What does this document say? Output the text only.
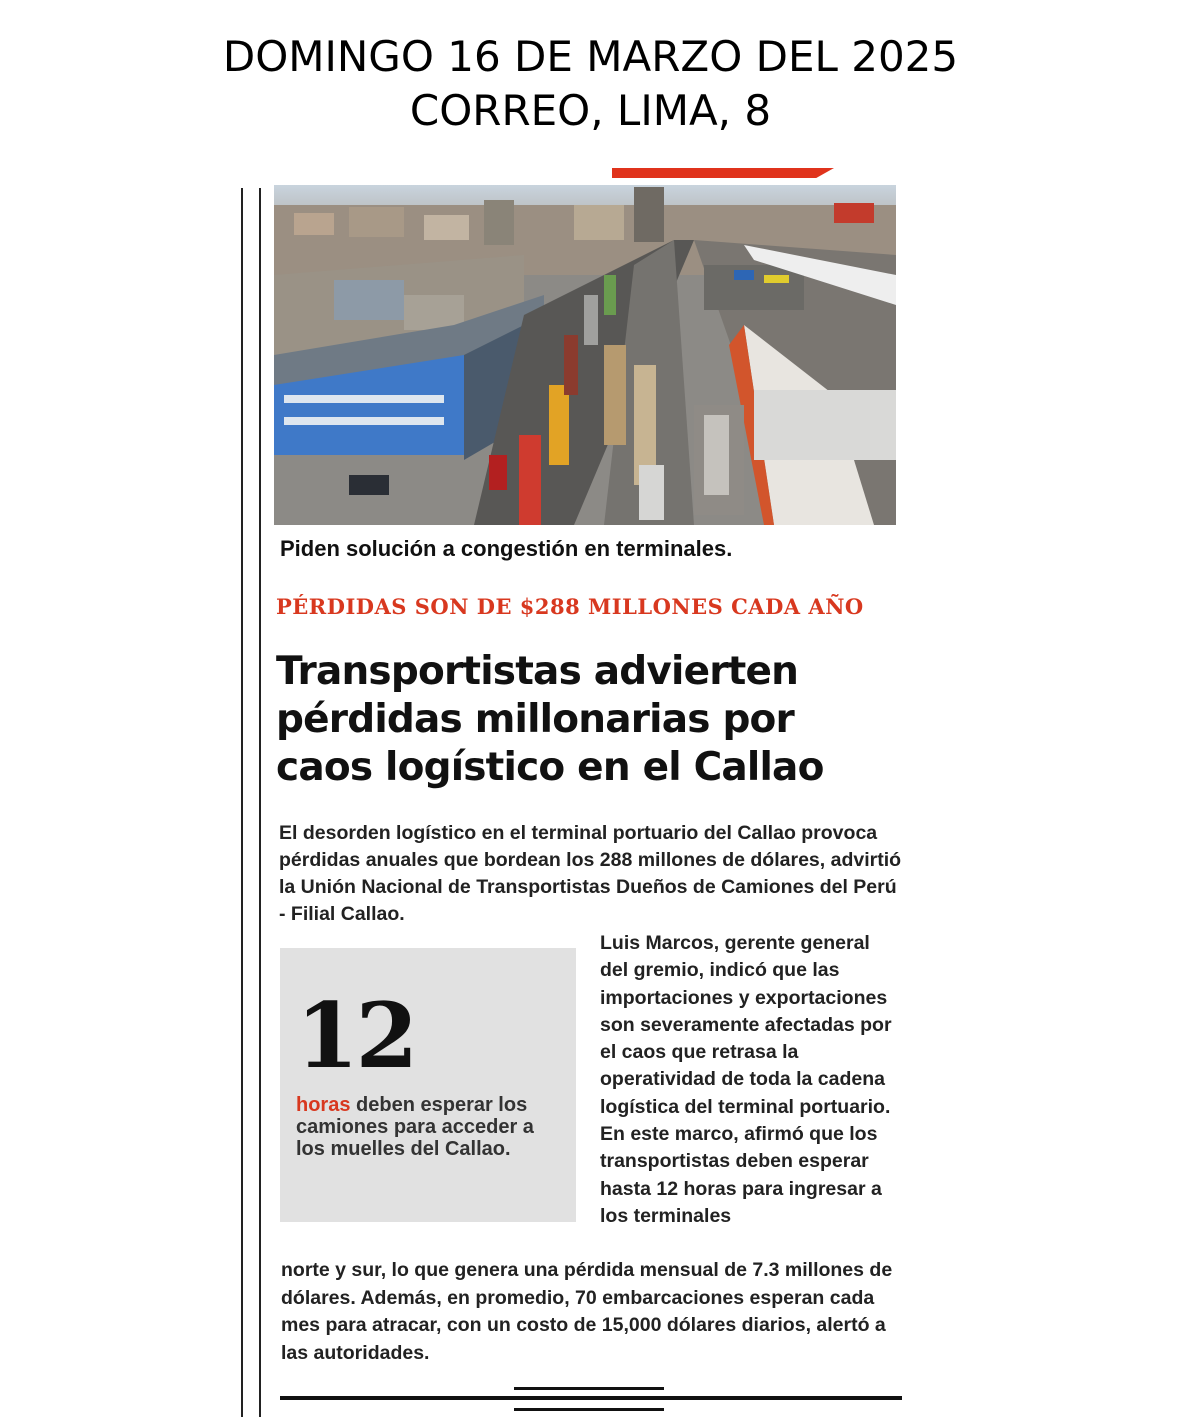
DOMINGO 16 DE MARZO DEL 2025
CORREO, LIMA, 8
Piden solución a congestión en terminales.
PÉRDIDAS SON DE $288 MILLONES CADA AÑO
Transportistas advierten
pérdidas millonarias por
caos logístico en el Callao
El desorden logístico en el terminal portuario del Callao provoca pérdidas anuales que bordean los 288 millones de dólares, advirtió la Unión Nacional de Transportistas Dueños de Camiones del Perú - Filial Callao.
12
horas deben esperar los camiones para acceder a los muelles del Callao.
Luis Marcos, gerente general del gremio, indicó que las importaciones y exportaciones son severamente afectadas por el caos que retrasa la operatividad de toda la cadena logística del terminal portuario. En este marco, afirmó que los transportistas deben esperar hasta 12 horas para ingresar a los terminales
norte y sur, lo que genera una pérdida mensual de 7.3 millones de dólares. Además, en promedio, 70 embarcaciones esperan cada mes para atracar, con un costo de 15,000 dólares diarios, alertó a las autoridades.
